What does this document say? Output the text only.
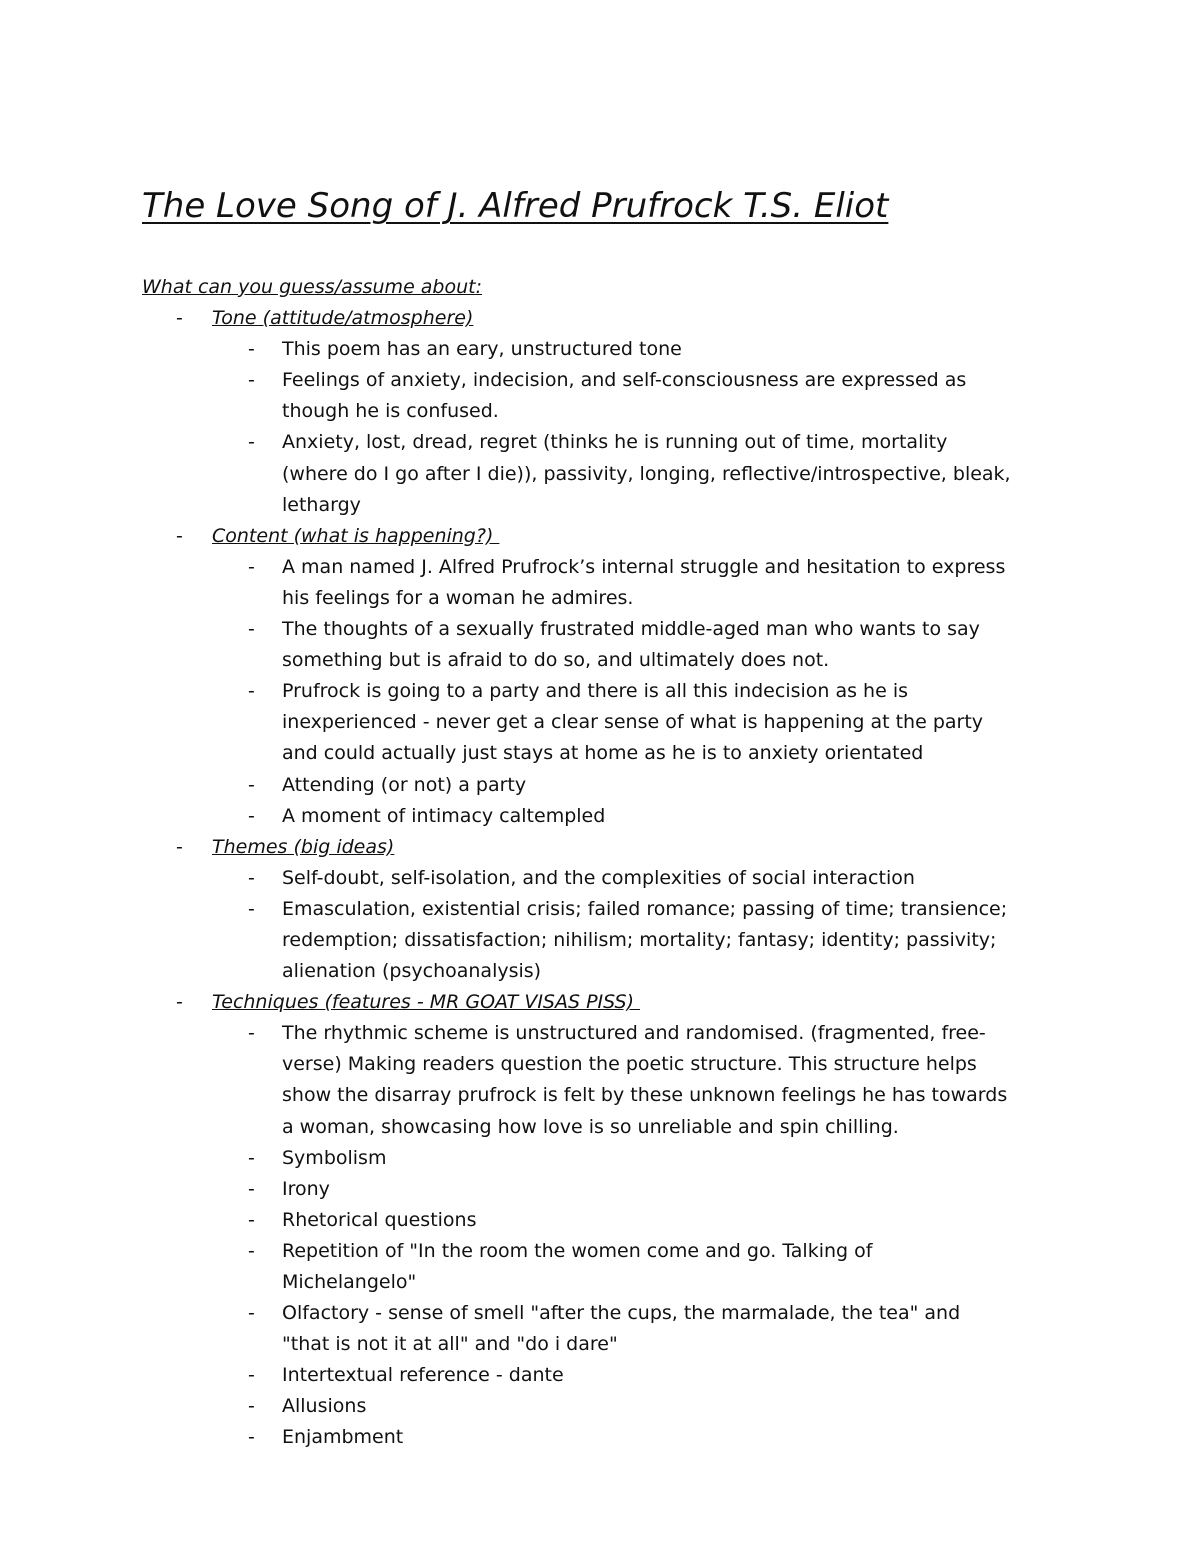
The Love Song of J. Alfred Prufrock T.S. Eliot
What can you guess/assume about:
- Tone (attitude/atmosphere)
- This poem has an eary, unstructured tone
- Feelings of anxiety, indecision, and self-consciousness are expressed as though he is confused.
- Anxiety, lost, dread, regret (thinks he is running out of time, mortality (where do I go after I die)), passivity, longing, reflective/introspective, bleak, lethargy
- Content (what is happening?)
- A man named J. Alfred Prufrock’s internal struggle and hesitation to express his feelings for a woman he admires.
- The thoughts of a sexually frustrated middle-aged man who wants to say something but is afraid to do so, and ultimately does not.
- Prufrock is going to a party and there is all this indecision as he is inexperienced - never get a clear sense of what is happening at the party and could actually just stays at home as he is to anxiety orientated
- Attending (or not) a party
- A moment of intimacy caltempled
- Themes (big ideas)
- Self-doubt, self-isolation, and the complexities of social interaction
- Emasculation, existential crisis; failed romance; passing of time; transience; redemption; dissatisfaction; nihilism; mortality; fantasy; identity; passivity; alienation (psychoanalysis)
- Techniques (features - MR GOAT VISAS PISS)
- The rhythmic scheme is unstructured and randomised. (fragmented, free-verse) Making readers question the poetic structure. This structure helps show the disarray prufrock is felt by these unknown feelings he has towards a woman, showcasing how love is so unreliable and spin chilling.
- Symbolism
- Irony
- Rhetorical questions
- Repetition of "In the room the women come and go. Talking of Michelangelo"
- Olfactory - sense of smell "after the cups, the marmalade, the tea" and "that is not it at all" and "do i dare"
- Intertextual reference - dante
- Allusions
- Enjambment
